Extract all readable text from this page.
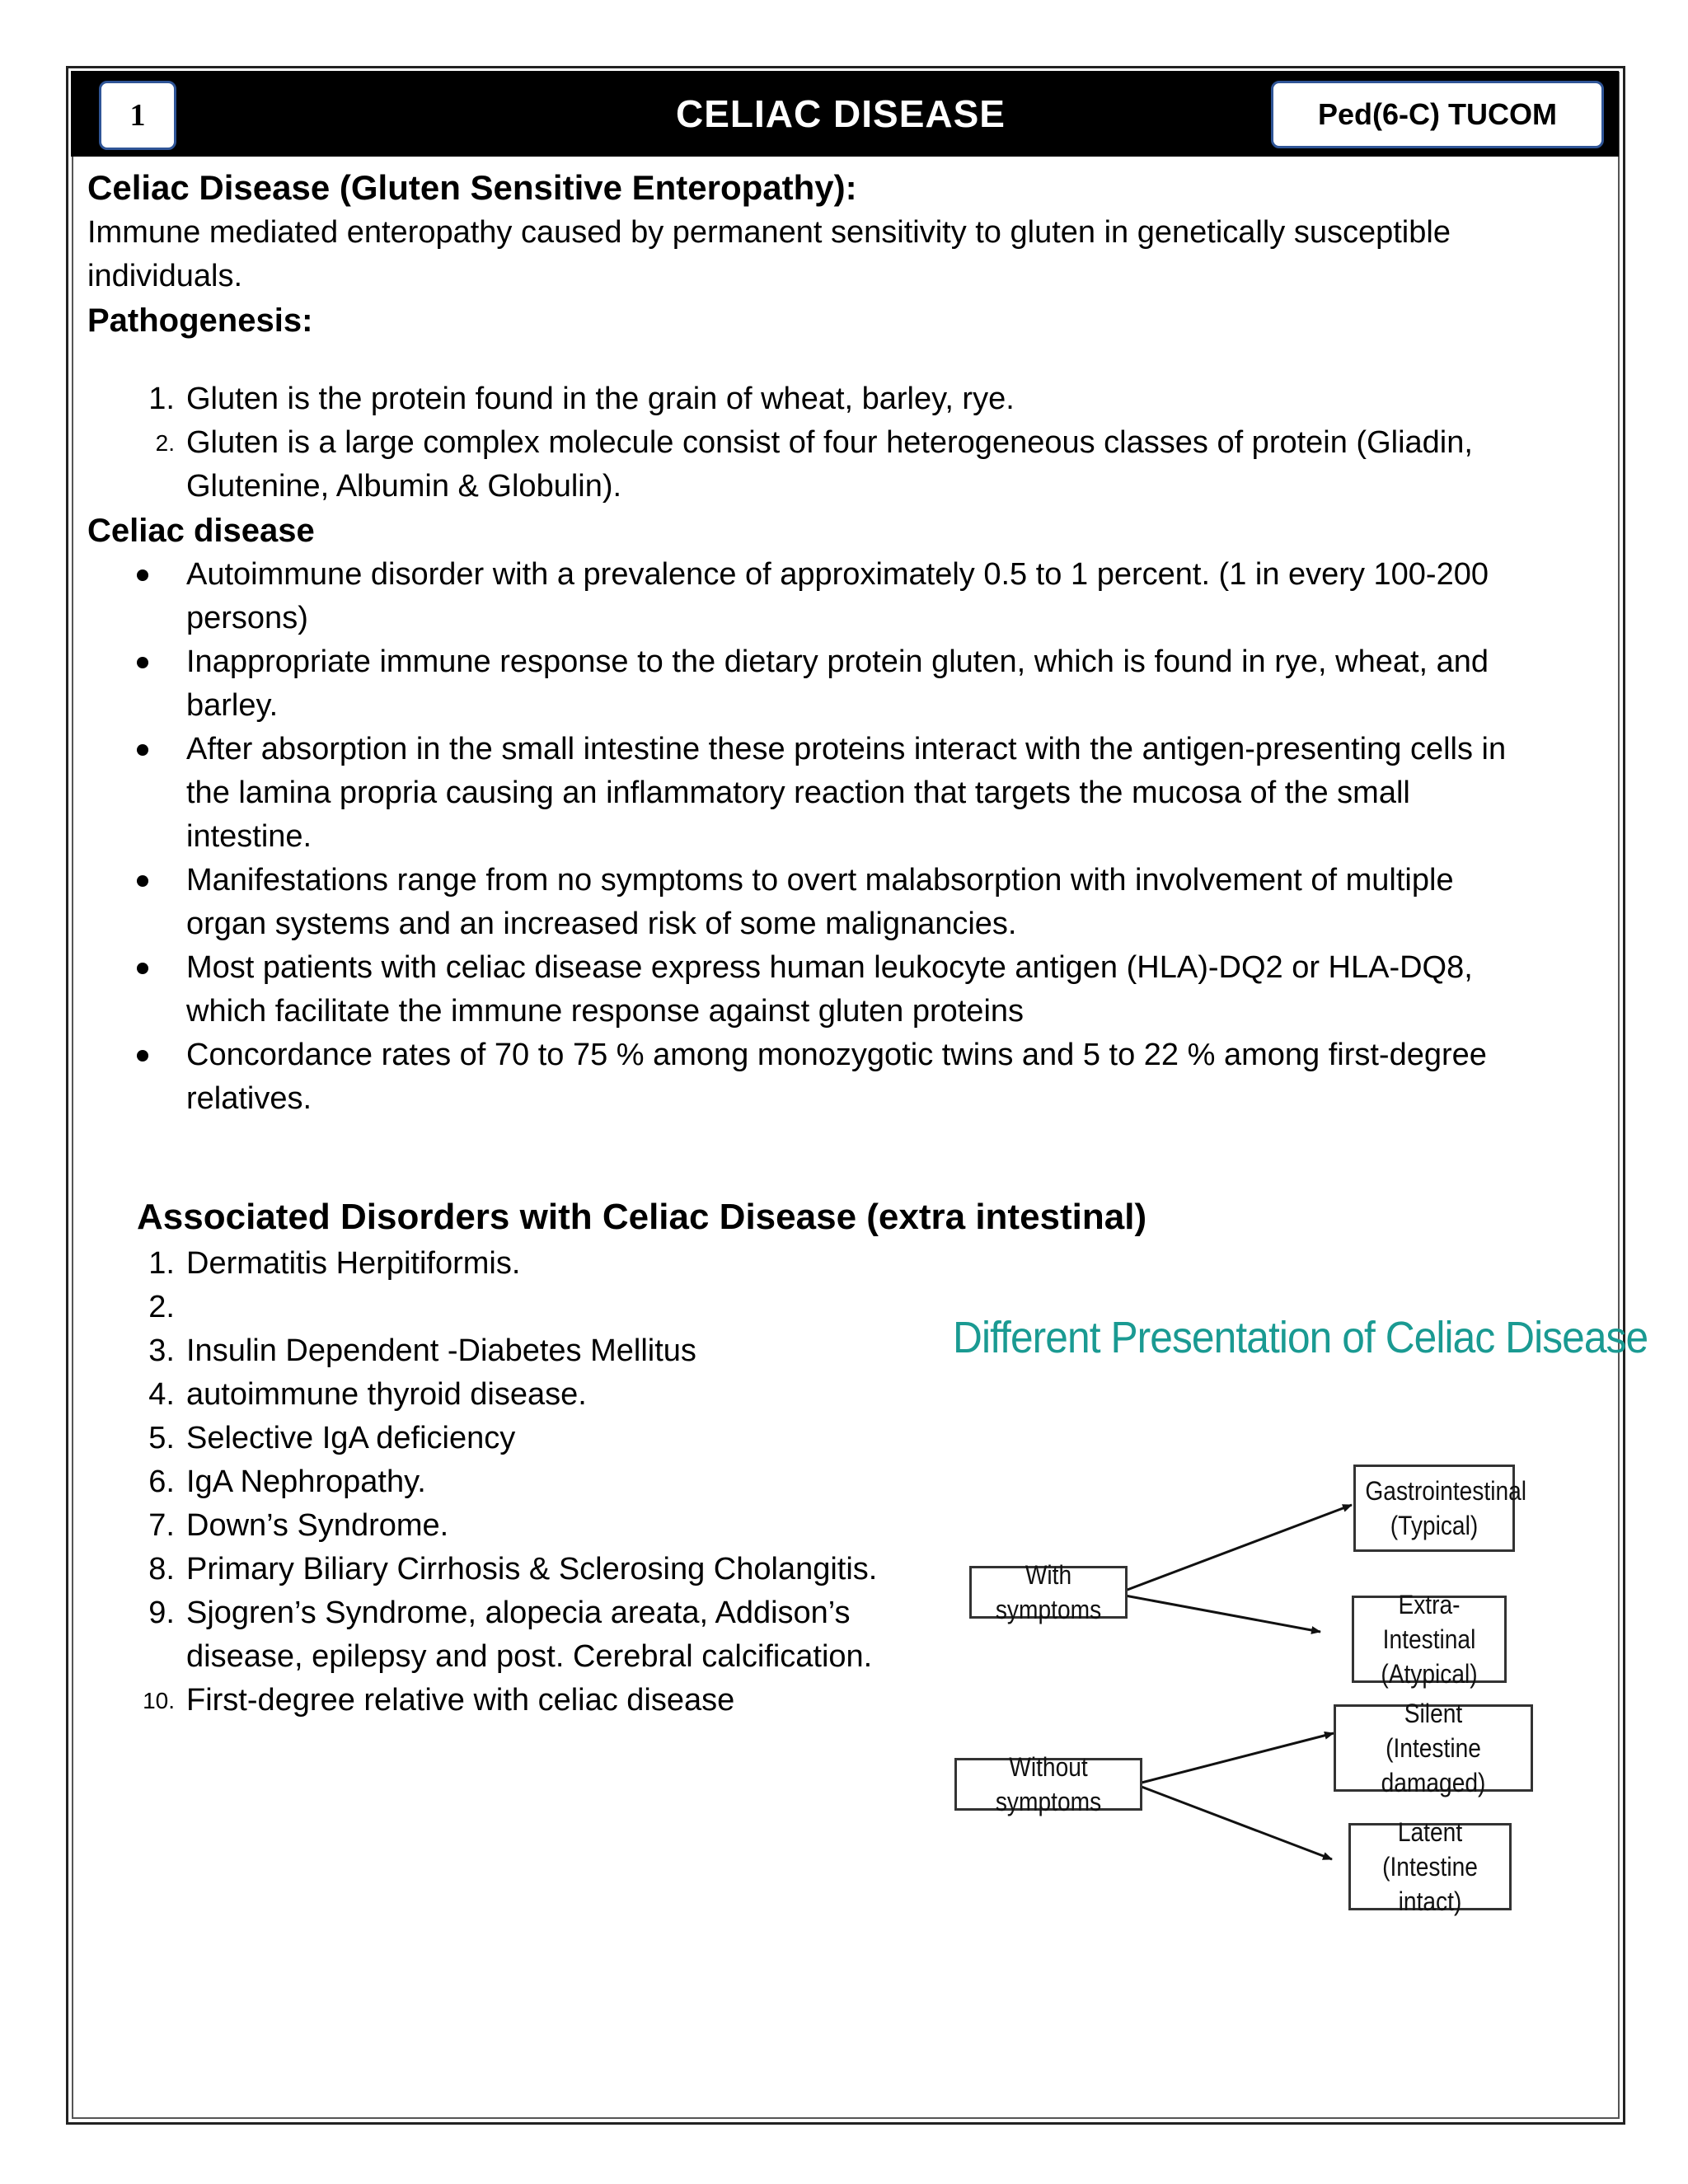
1	CELIAC DISEASE	Ped(6-C) TUCOM
Celiac Disease (Gluten Sensitive Enteropathy):

Immune mediated enteropathy caused by permanent sensitivity to gluten in genetically susceptible

individuals.

Pathogenesis:
1. Gluten is the protein found in the grain of wheat, barley, rye.
2. Gluten is a large complex molecule consist of four heterogeneous classes of protein (Gliadin,
Glutenine, Albumin & Globulin).
Celiac disease
Autoimmune disorder with a prevalence of approximately 0.5 to 1 percent. (1 in every 100-200
persons)
Inappropriate immune response to the dietary protein gluten, which is found in rye, wheat, and
barley.
After absorption in the small intestine these proteins interact with the antigen-presenting cells in
the lamina propria causing an inflammatory reaction that targets the mucosa of the small
intestine.
Manifestations range from no symptoms to overt malabsorption with involvement of multiple
organ systems and an increased risk of some malignancies.
Most patients with celiac disease express human leukocyte antigen (HLA)-DQ2 or HLA-DQ8,
which facilitate the immune response against gluten proteins
Concordance rates of 70 to 75 % among monozygotic twins and 5 to 22 % among first-degree
relatives.
Associated Disorders with Celiac Disease (extra intestinal)
1. Dermatitis Herpitiformis.
2.
3. Insulin Dependent -Diabetes Mellitus
4. autoimmune thyroid disease.
5. Selective IgA deficiency
6. IgA Nephropathy.
7. Down’s Syndrome.
8. Primary Biliary Cirrhosis & Sclerosing Cholangitis.
9. Sjogren’s Syndrome, alopecia areata, Addison’s
disease, epilepsy and post. Cerebral calcification.
10. First-degree relative with celiac disease
Different Presentation of Celiac Disease
With symptoms
Without symptoms
Gastrointestinal
(Typical)
Extra-Intestinal
(Atypical)
Silent
(Intestine damaged)
Latent
(Intestine intact)
